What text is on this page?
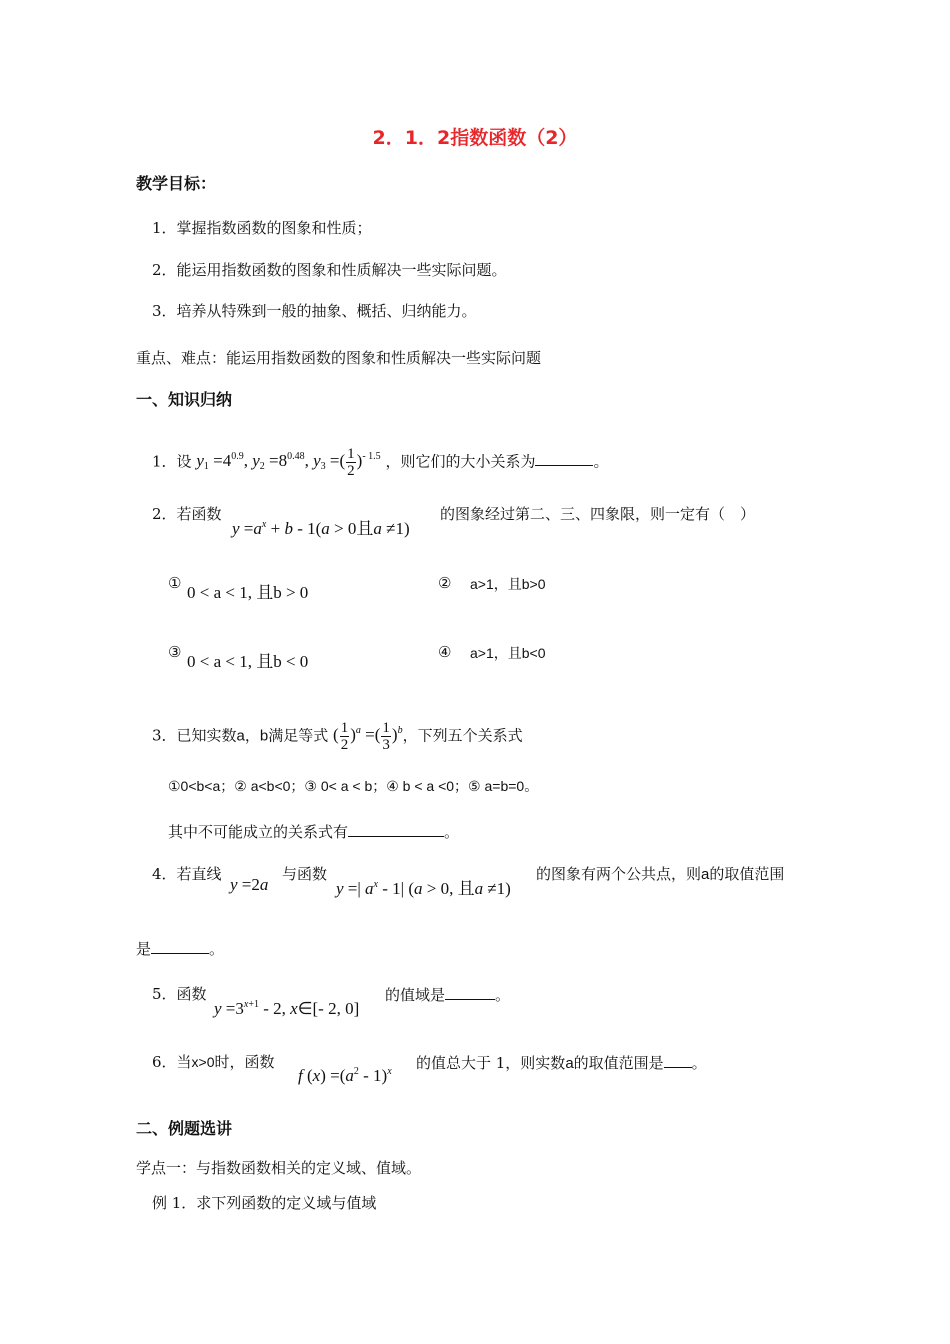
2．1．2指数函数（2）
教学目标：
1．掌握指数函数的图象和性质；
2．能运用指数函数的图象和性质解决一些实际问题。
3．培养从特殊到一般的抽象、概括、归纳能力。
重点、难点：能运用指数函数的图象和性质解决一些实际问题
一、知识归纳
1．设 $y_1 =4^{0.9}$, $y_2 =8^{0.48}$, $y_3$ =( $\frac{1}{2} )^{- 1.5}$ ，则它们的大小关系为	。
2．若函数
$y =a^x + b - 1(a > 0$且a ≠1)
的图象经过第二、三、四象限，则一定有（　）
① 0 < a < 1, 且b > 0	② a>1，且b>0
③ 0 < a < 1, 且b < 0	④ a>1，且b<0
3．已知实数a，b满足等式 ( $\frac{1}{2} )^a$ =( $\frac{1}{3} )^b$，下列五个关系式
①0<b<a；② a<b<0；③ 0< a < b；④ b < a <0；⑤ a=b=0。
其中不可能成立的关系式有	。
4．若直线
y =2a
与函数
y =| $a^x - 1|$ (a > 0, 且a ≠1)
的图象有两个公共点，则a的取值范围
是	。
5．函数
$y =3^{x+1} - 2$, x∈[- 2, 0]
的值域是	。
6．当x>0时，函数
f $(x) =(a^2 - 1)^x$ 的值总大于 1，则实数a的取值范围是 。
二、例题选讲
学点一：与指数函数相关的定义域、值域。
例 1．求下列函数的定义域与值域
